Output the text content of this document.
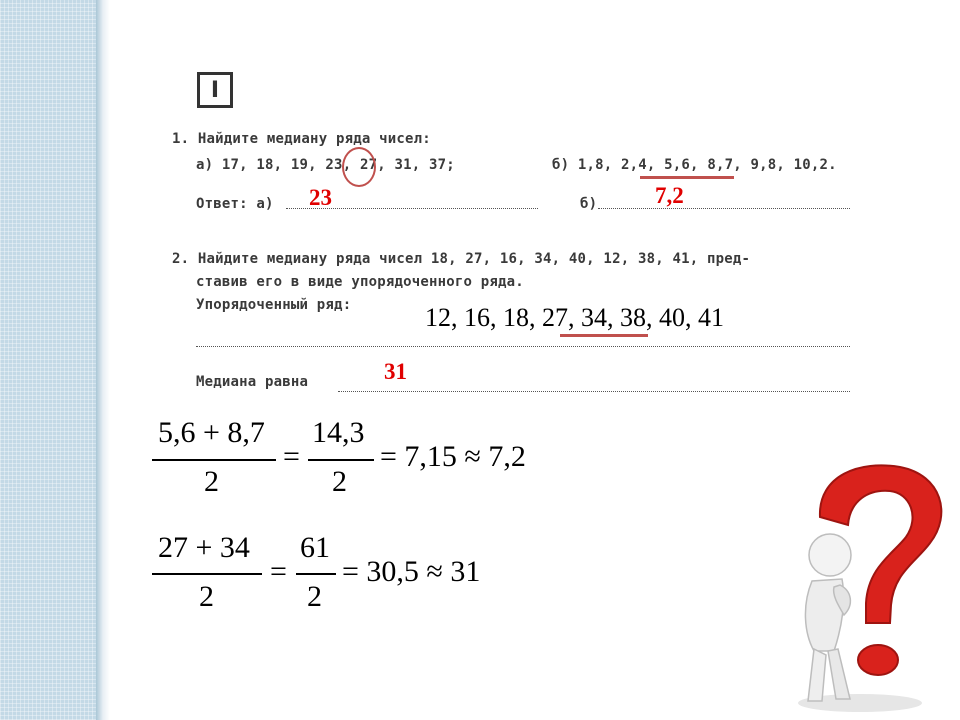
I
1. Найдите медиану ряда чисел:
а) 17, 18, 19, 23, 27, 31, 37;	б) 1,8, 2,4, 5,6, 8,7, 9,8, 10,2.
Ответ: а) 23	б)	7,2
2. Найдите медиану ряда чисел 18, 27, 16, 34, 40, 12, 38, 41, пред-
ставив его в виде упорядоченного ряда.
Упорядоченный ряд:	12, 16, 18, 27, 34, 38, 40, 41
Медиана равна	31
5,6 + 8,7
2
=
14,3
2
= 7,15 ≈ 7,2
27 + 34
2
=
61
2
= 30,5 ≈ 31
